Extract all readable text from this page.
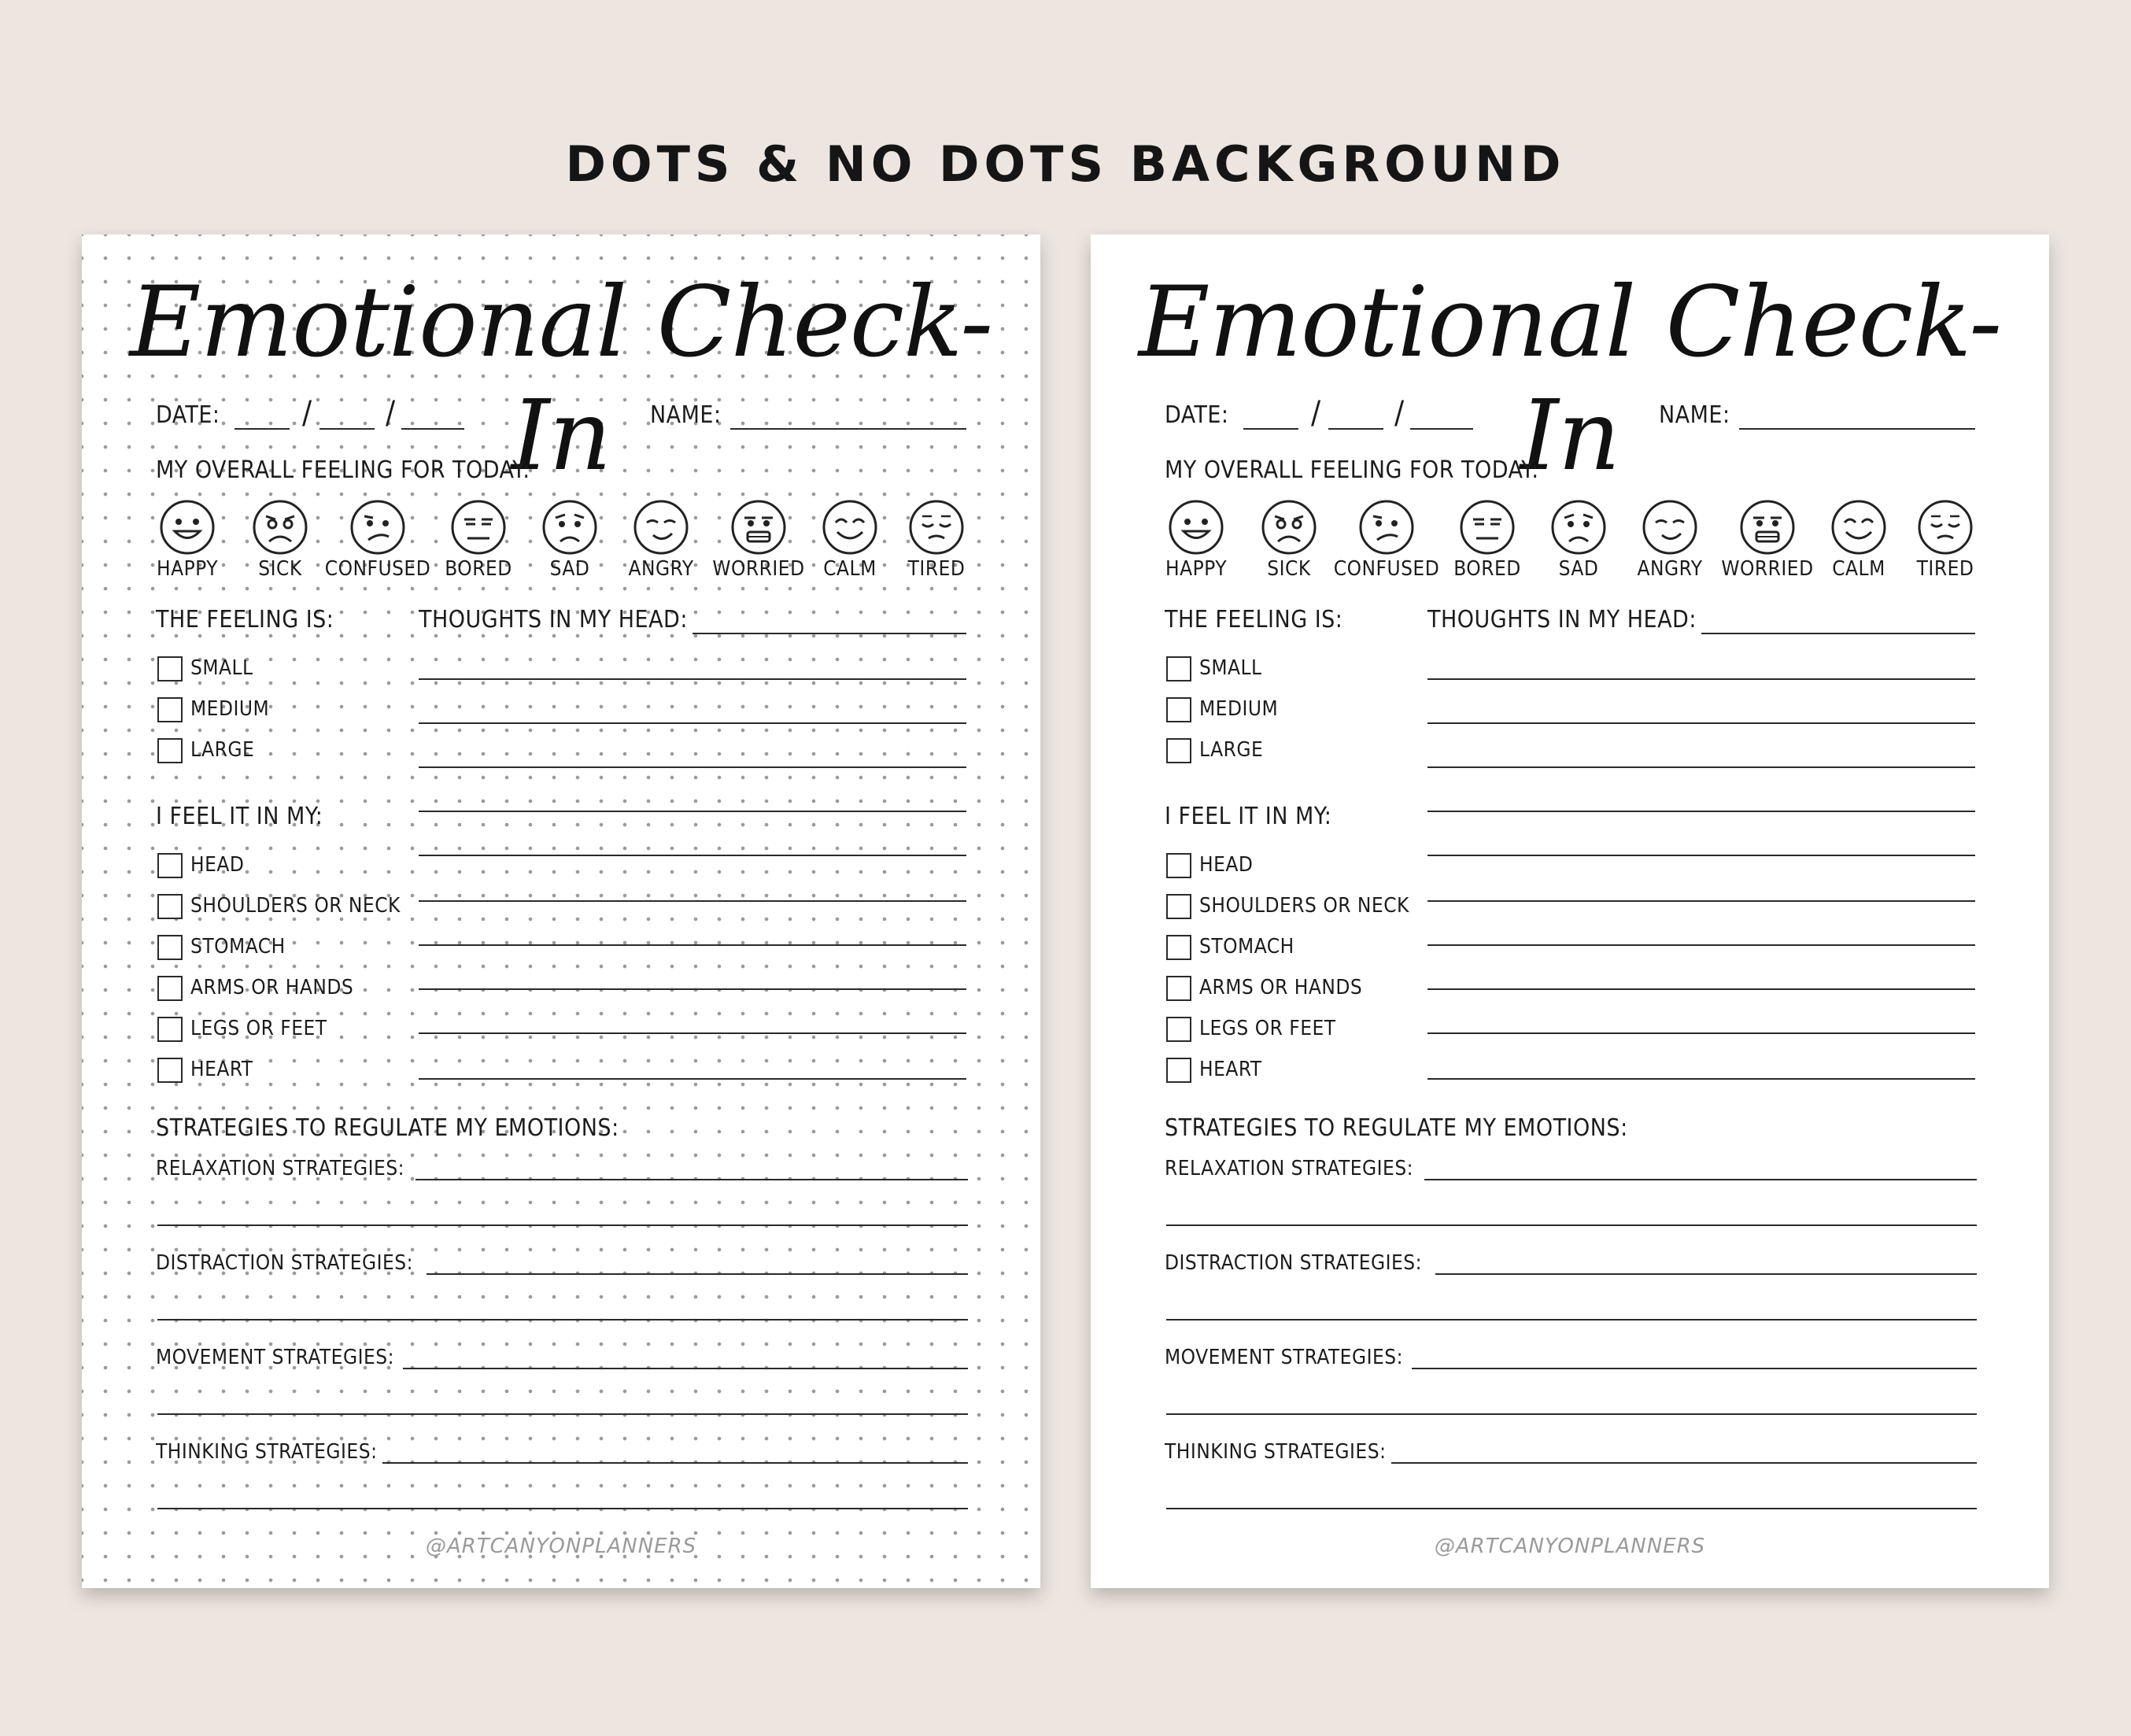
DOTS & NO DOTS BACKGROUND
Emotional Check-In
DATE:	/ /	NAME:
MY OVERALL FEELING FOR TODAY:
HAPPY	SICK	CONFUSED BORED	SAD	ANGRY WORRIED CALM	TIRED
THE FEELING IS:	THOUGHTS IN MY HEAD:
SMALL
MEDIUM
LARGE
I FEEL IT IN MY:
HEAD
SHOULDERS OR NECK
STOMACH
ARMS OR HANDS
LEGS OR FEET
HEART
STRATEGIES TO REGULATE MY EMOTIONS:
RELAXATION STRATEGIES:
DISTRACTION STRATEGIES:
MOVEMENT STRATEGIES:
THINKING STRATEGIES:
@ARTCANYONPLANNERS
Emotional Check-In
DATE:	/ /	NAME:
MY OVERALL FEELING FOR TODAY:
HAPPY	SICK	CONFUSED BORED	SAD	ANGRY WORRIED CALM	TIRED
THE FEELING IS:	THOUGHTS IN MY HEAD:
SMALL
MEDIUM
LARGE
I FEEL IT IN MY:
HEAD
SHOULDERS OR NECK
STOMACH
ARMS OR HANDS
LEGS OR FEET
HEART
STRATEGIES TO REGULATE MY EMOTIONS:
RELAXATION STRATEGIES:
DISTRACTION STRATEGIES:
MOVEMENT STRATEGIES:
THINKING STRATEGIES:
@ARTCANYONPLANNERS
